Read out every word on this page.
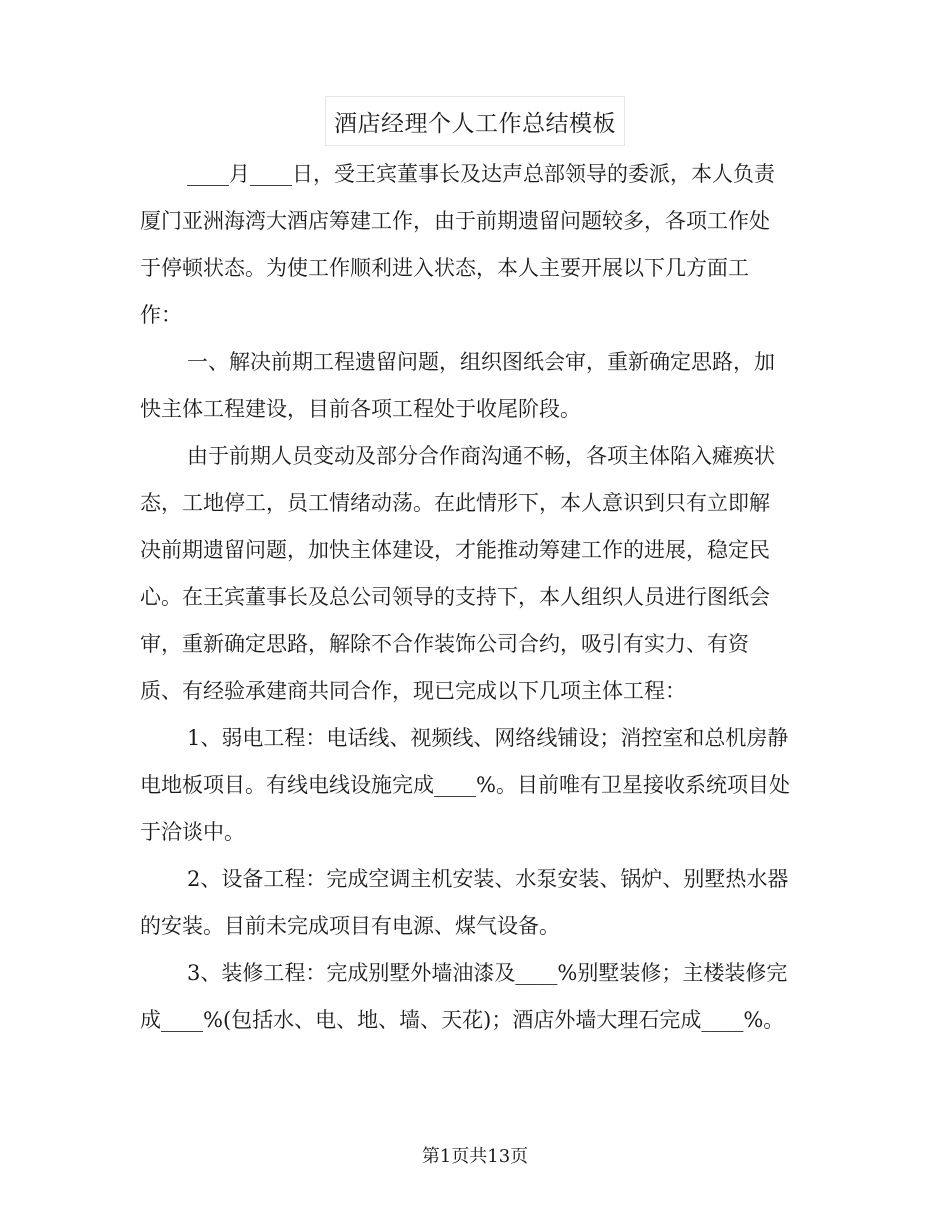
酒店经理个人工作总结模板
____月____日，受王宾董事长及达声总部领导的委派，本人负责
厦门亚洲海湾大酒店筹建工作，由于前期遗留问题较多，各项工作处
于停顿状态。为使工作顺利进入状态，本人主要开展以下几方面工
作：
一、解决前期工程遗留问题，组织图纸会审，重新确定思路，加
快主体工程建设，目前各项工程处于收尾阶段。
由于前期人员变动及部分合作商沟通不畅，各项主体陷入瘫痪状
态，工地停工，员工情绪动荡。在此情形下，本人意识到只有立即解
决前期遗留问题，加快主体建设，才能推动筹建工作的进展，稳定民
心。在王宾董事长及总公司领导的支持下，本人组织人员进行图纸会
审，重新确定思路，解除不合作装饰公司合约，吸引有实力、有资
质、有经验承建商共同合作，现已完成以下几项主体工程：
1、弱电工程：电话线、视频线、网络线铺设；消控室和总机房静
电地板项目。有线电线设施完成____%。目前唯有卫星接收系统项目处
于洽谈中。
2、设备工程：完成空调主机安装、水泵安装、锅炉、别墅热水器
的安装。目前未完成项目有电源、煤气设备。
3、装修工程：完成别墅外墙油漆及____%别墅装修；主楼装修完
成____%(包括水、电、地、墙、天花)；酒店外墙大理石完成____%。
第1页共13页
